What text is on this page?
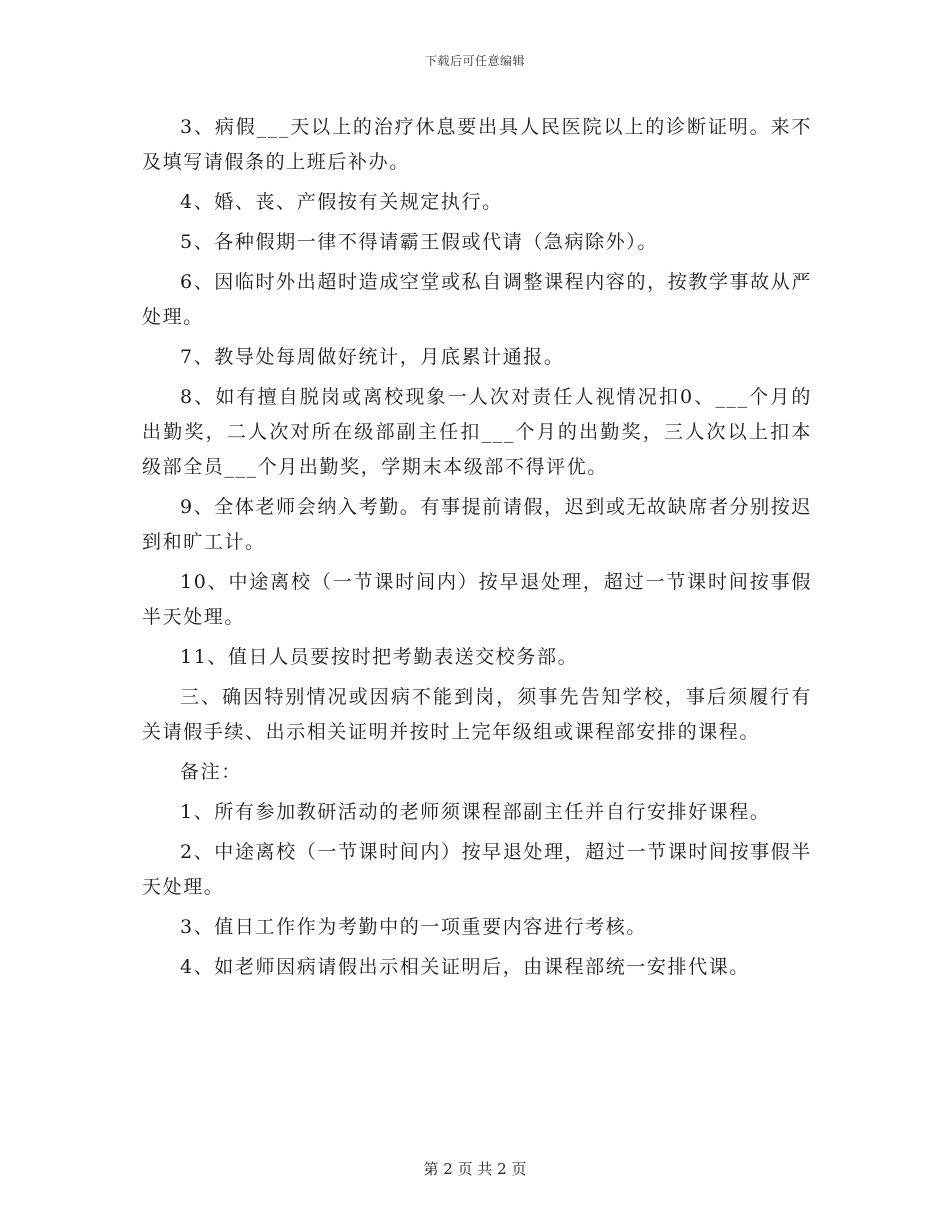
下载后可任意编辑

3、病假___天以上的治疗休息要出具人民医院以上的诊断证明。来不及填写请假条的上班后补办。

4、婚、丧、产假按有关规定执行。

5、各种假期一律不得请霸王假或代请（急病除外）。

6、因临时外出超时造成空堂或私自调整课程内容的，按教学事故从严处理。

7、教导处每周做好统计，月底累计通报。

8、如有擅自脱岗或离校现象一人次对责任人视情况扣0、___个月的出勤奖，二人次对所在级部副主任扣___个月的出勤奖，三人次以上扣本级部全员___个月出勤奖，学期末本级部不得评优。

9、全体老师会纳入考勤。有事提前请假，迟到或无故缺席者分别按迟到和旷工计。

10、中途离校（一节课时间内）按早退处理，超过一节课时间按事假半天处理。

11、值日人员要按时把考勤表送交校务部。

三、确因特别情况或因病不能到岗，须事先告知学校，事后须履行有关请假手续、出示相关证明并按时上完年级组或课程部安排的课程。

备注：

1、所有参加教研活动的老师须课程部副主任并自行安排好课程。

2、中途离校（一节课时间内）按早退处理，超过一节课时间按事假半天处理。

3、值日工作作为考勤中的一项重要内容进行考核。

4、如老师因病请假出示相关证明后，由课程部统一安排代课。

第 2 页 共 2 页
